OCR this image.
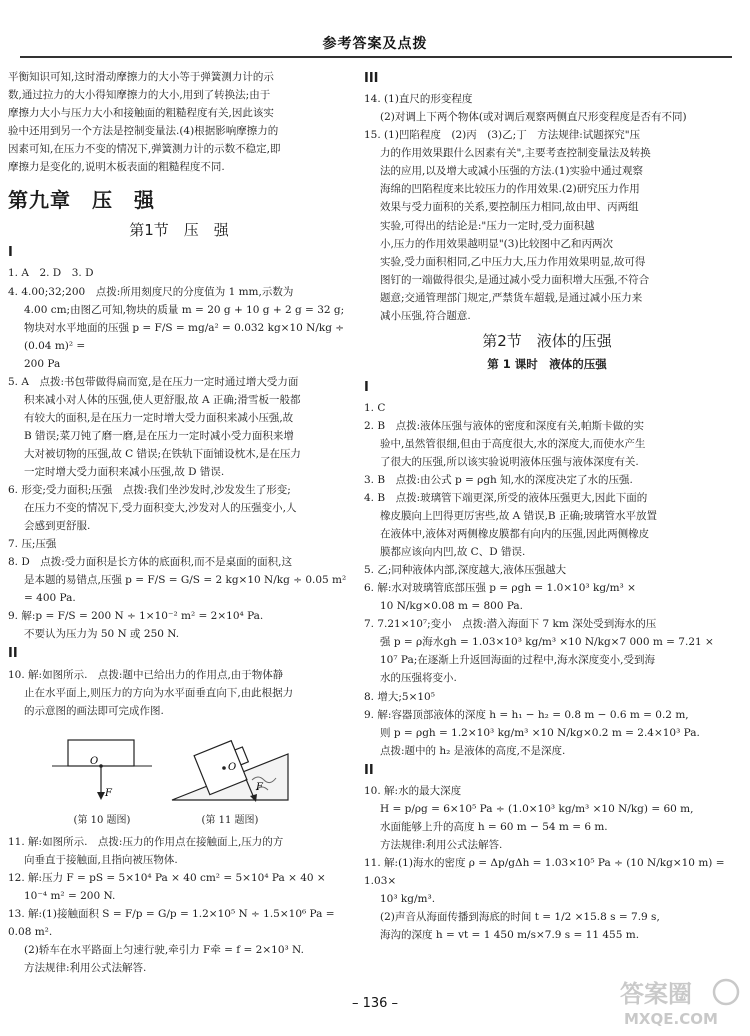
参考答案及点拨

平衡知识可知,这时滑动摩擦力的大小等于弹簧测力计的示

数,通过拉力的大小得知摩擦力的大小,用到了转换法;由于

摩擦力大小与压力大小和接触面的粗糙程度有关,因此该实

验中还用到另一个方法是控制变量法.(4)根据影响摩擦力的

因素可知,在压力不变的情况下,弹簧测力计的示数不稳定,即

摩擦力是变化的,说明木板表面的粗糙程度不同.

第九章　压　强
第1节　压　强
I

1. A　2. D　3. D

4. 4.00;32;200　点拨:所用刻度尺的分度值为 1 mm,示数为

4.00 cm;由图乙可知,物块的质量 m = 20 g + 10 g + 2 g = 32 g;

物块对水平地面的压强 p = F/S = mg/a² = 0.032 kg×10 N/kg ÷ (0.04 m)² =

200 Pa

5. A　点拨:书包带做得扁而宽,是在压力一定时通过增大受力面

积来减小对人体的压强,使人更舒服,故 A 正确;滑雪板一般都

有较大的面积,是在压力一定时增大受力面积来减小压强,故

B 错误;菜刀钝了磨一磨,是在压力一定时减小受力面积来增

大对被切物的压强,故 C 错误;在铁轨下面铺设枕木,是在压力

一定时增大受力面积来减小压强,故 D 错误.

6. 形变;受力面积;压强　点拨:我们坐沙发时,沙发发生了形变;

在压力不变的情况下,受力面积变大,沙发对人的压强变小,人

会感到更舒服.

7. 压;压强

8. D　点拨:受力面积是长方体的底面积,而不是桌面的面积,这

是本题的易错点,压强 p = F/S = G/S = 2 kg×10 N/kg ÷ 0.05 m² = 400 Pa.

9. 解:p = F/S = 200 N ÷ 1×10⁻² m² = 2×10⁴ Pa.

不要认为压力为 50 N 或 250 N.

II

10. 解:如图所示.　点拨:题中已给出力的作用点,由于物体静

止在水平面上,则压力的方向为水平面垂直向下,由此根据力

的示意图的画法即可完成作图.

O
F
(第 10 题图)
O
F
(第 11 题图)

11. 解:如图所示.　点拨:压力的作用点在接触面上,压力的方

向垂直于接触面,且指向被压物体.

12. 解:压力 F = pS = 5×10⁴ Pa × 40 cm² = 5×10⁴ Pa × 40 ×

10⁻⁴ m² = 200 N.

13. 解:(1)接触面积 S = F/p = G/p = 1.2×10⁵ N ÷ 1.5×10⁶ Pa = 0.08 m².

(2)轿车在水平路面上匀速行驶,牵引力 F牵 = f = 2×10³ N.

方法规律:利用公式法解答.

III

14. (1)直尺的形变程度

(2)对调上下两个物体(或对调后观察两侧直尺形变程度是否有不同)

15. (1)凹陷程度　(2)丙　(3)乙;丁　方法规律:试题探究"压

力的作用效果跟什么因素有关",主要考查控制变量法及转换

法的应用,以及增大或减小压强的方法.(1)实验中通过观察

海绵的凹陷程度来比较压力的作用效果.(2)研究压力作用

效果与受力面积的关系,要控制压力相同,故由甲、丙两组

实验,可得出的结论是:"压力一定时,受力面积越

小,压力的作用效果越明显"(3)比较图中乙和丙两次

实验,受力面积相同,乙中压力大,压力作用效果明显,故可得

图钉的一端做得很尖,是通过减小受力面积增大压强,不符合

题意;交通管理部门规定,严禁货车超载,是通过减小压力来

减小压强,符合题意.

第2节　液体的压强
第 1 课时　液体的压强
I

1. C

2. B　点拨:液体压强与液体的密度和深度有关,帕斯卡做的实

验中,虽然管很细,但由于高度很大,水的深度大,而使水产生

了很大的压强,所以该实验说明液体压强与液体深度有关.

3. B　点拨:由公式 p = ρgh 知,水的深度决定了水的压强.

4. B　点拨:玻璃管下端更深,所受的液体压强更大,因此下面的

橡皮膜向上凹得更厉害些,故 A 错误,B 正确;玻璃管水平放置

在液体中,液体对两侧橡皮膜都有向内的压强,因此两侧橡皮

膜都应该向内凹,故 C、D 错误.

5. 乙;同种液体内部,深度越大,液体压强越大

6. 解:水对玻璃管底部压强 p = ρgh = 1.0×10³ kg/m³ ×

10 N/kg×0.08 m = 800 Pa.

7. 7.21×10⁷;变小　点拨:潜入海面下 7 km 深处受到海水的压

强 p = ρ海水gh = 1.03×10³ kg/m³ ×10 N/kg×7 000 m = 7.21 ×

10⁷ Pa;在逐渐上升返回海面的过程中,海水深度变小,受到海

水的压强将变小.

8. 增大;5×10⁵

9. 解:容器顶部液体的深度 h = h₁ − h₂ = 0.8 m − 0.6 m = 0.2 m,

则 p = ρgh = 1.2×10³ kg/m³ ×10 N/kg×0.2 m = 2.4×10³ Pa.

点拨:题中的 h₂ 是液体的高度,不是深度.

II

10. 解:水的最大深度

H = p/ρg = 6×10⁵ Pa ÷ (1.0×10³ kg/m³ ×10 N/kg) = 60 m,

水面能够上升的高度 h = 60 m − 54 m = 6 m.

方法规律:利用公式法解答.

11. 解:(1)海水的密度 ρ = Δp/gΔh = 1.03×10⁵ Pa ÷ (10 N/kg×10 m) = 1.03×

10³ kg/m³.

(2)声音从海面传播到海底的时间 t = 1/2 ×15.8 s = 7.9 s,

海沟的深度 h = vt = 1 450 m/s×7.9 s = 11 455 m.

– 136 –	答案圈
MXQE.COM
